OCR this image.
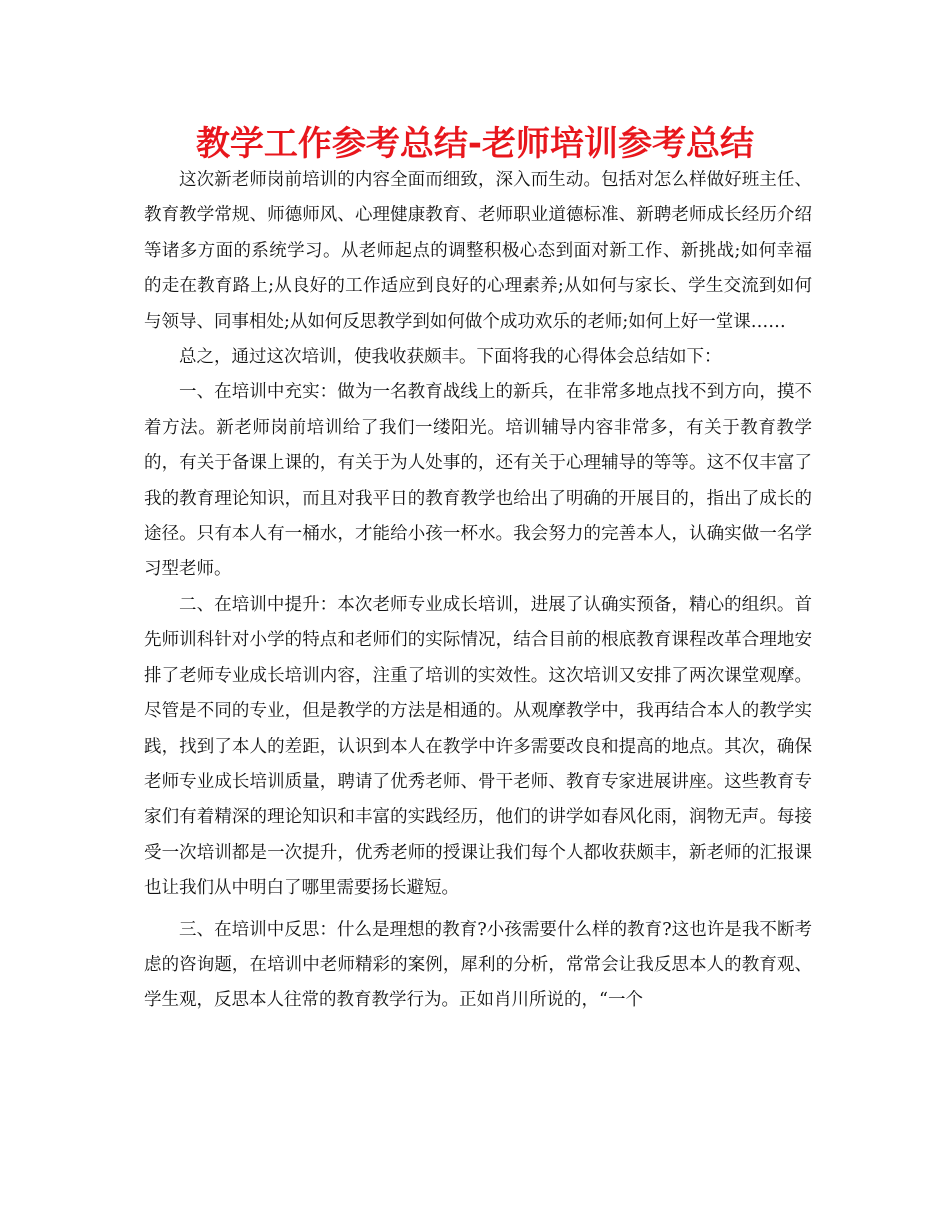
教学工作参考总结-老师培训参考总结

这次新老师岗前培训的内容全面而细致，深入而生动。包括对怎么样做好班主任、教育教学常规、师德师风、心理健康教育、老师职业道德标准、新聘老师成长经历介绍等诸多方面的系统学习。从老师起点的调整积极心态到面对新工作、新挑战;如何幸福的走在教育路上;从良好的工作适应到良好的心理素养;从如何与家长、学生交流到如何与领导、同事相处;从如何反思教学到如何做个成功欢乐的老师;如何上好一堂课……

总之，通过这次培训，使我收获颇丰。下面将我的心得体会总结如下：

一、在培训中充实：做为一名教育战线上的新兵，在非常多地点找不到方向，摸不着方法。新老师岗前培训给了我们一缕阳光。培训辅导内容非常多，有关于教育教学的，有关于备课上课的，有关于为人处事的，还有关于心理辅导的等等。这不仅丰富了我的教育理论知识，而且对我平日的教育教学也给出了明确的开展目的，指出了成长的途径。只有本人有一桶水，才能给小孩一杯水。我会努力的完善本人，认确实做一名学习型老师。

二、在培训中提升：本次老师专业成长培训，进展了认确实预备，精心的组织。首先师训科针对小学的特点和老师们的实际情况，结合目前的根底教育课程改革合理地安排了老师专业成长培训内容，注重了培训的实效性。这次培训又安排了两次课堂观摩。尽管是不同的专业，但是教学的方法是相通的。从观摩教学中，我再结合本人的教学实践，找到了本人的差距，认识到本人在教学中许多需要改良和提高的地点。其次，确保老师专业成长培训质量，聘请了优秀老师、骨干老师、教育专家进展讲座。这些教育专家们有着精深的理论知识和丰富的实践经历，他们的讲学如春风化雨，润物无声。每接受一次培训都是一次提升，优秀老师的授课让我们每个人都收获颇丰，新老师的汇报课也让我们从中明白了哪里需要扬长避短。

三、在培训中反思：什么是理想的教育?小孩需要什么样的教育?这也许是我不断考虑的咨询题，在培训中老师精彩的案例，犀利的分析，常常会让我反思本人的教育观、学生观，反思本人往常的教育教学行为。正如肖川所说的，“一个
